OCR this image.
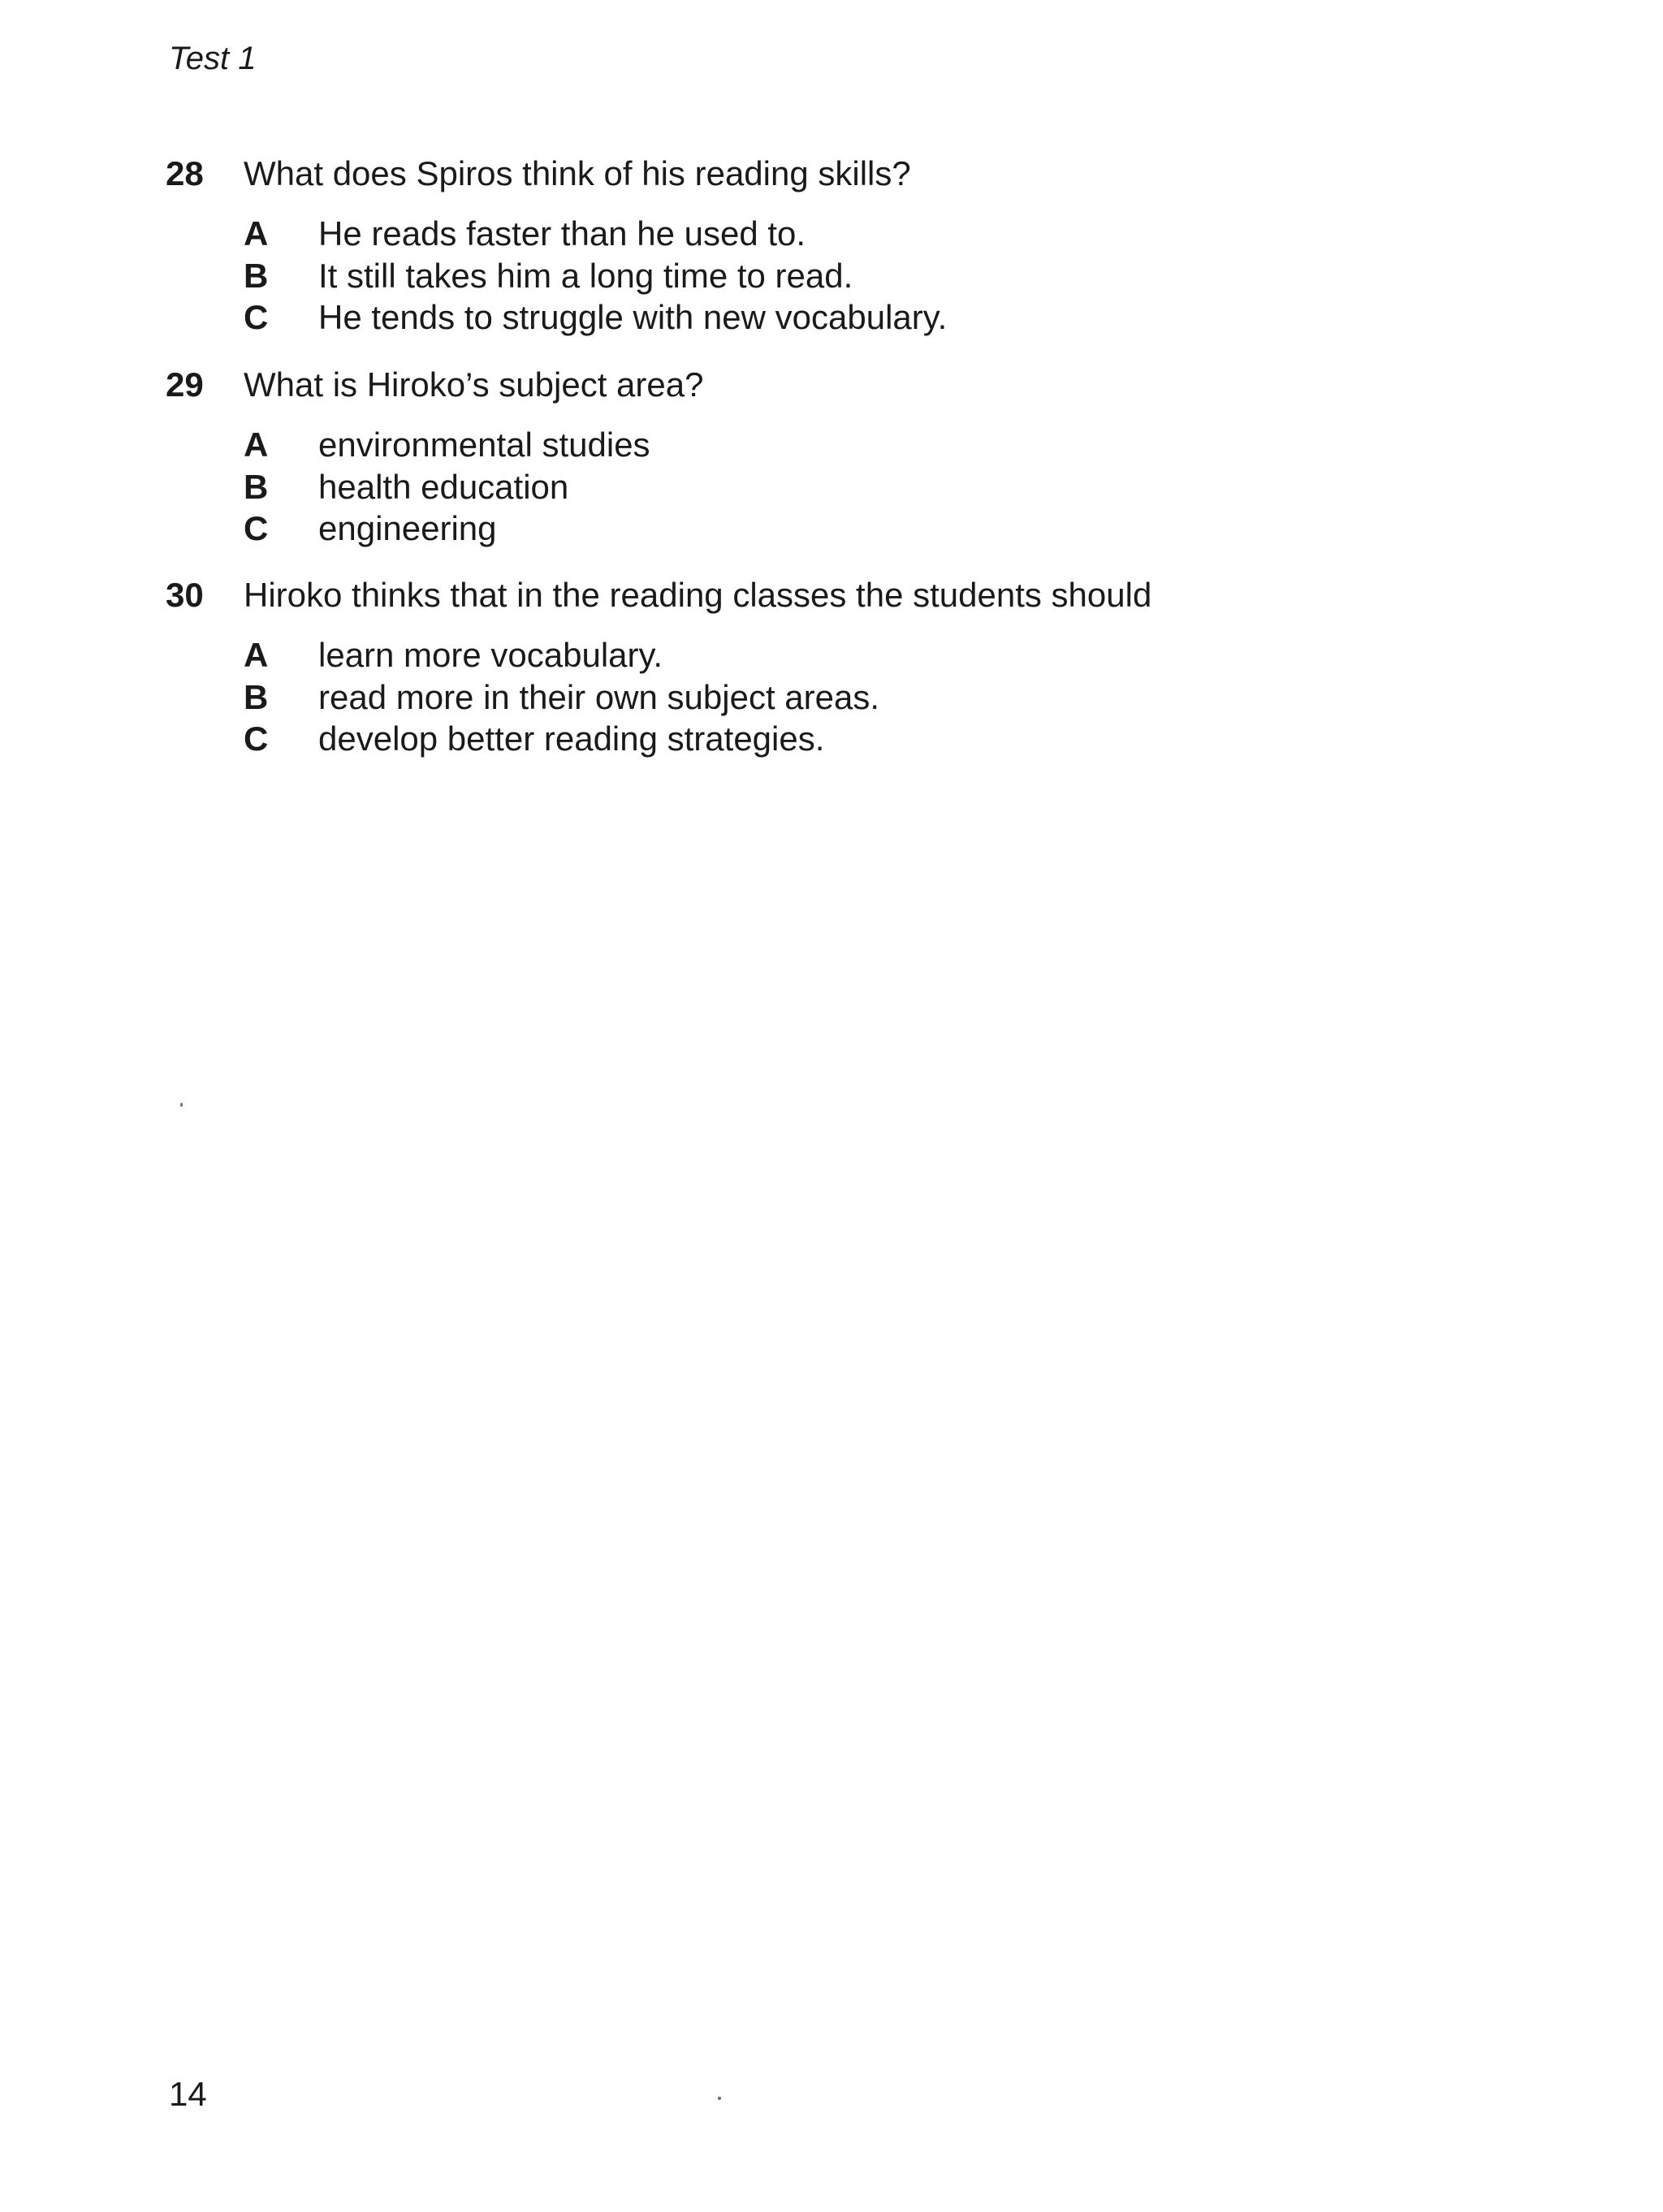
Test 1
28	What does Spiros think of his reading skills?
A	He reads faster than he used to.
B	It still takes him a long time to read.
C	He tends to struggle with new vocabulary.
29	What is Hiroko’s subject area?
A	environmental studies
B	health education
C	engineering
30	Hiroko thinks that in the reading classes the students should
A	learn more vocabulary.
B	read more in their own subject areas.
C	develop better reading strategies.
14
